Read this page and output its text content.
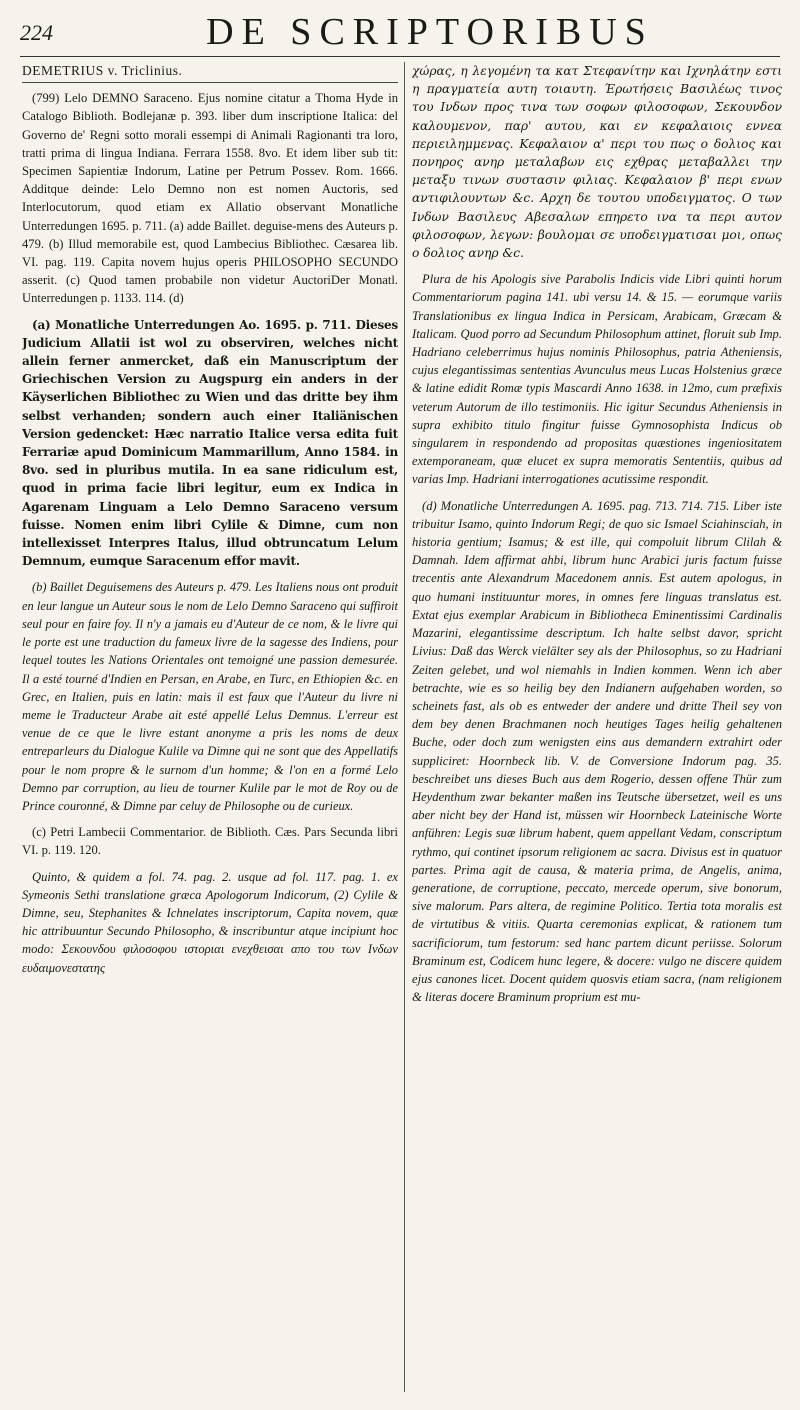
224	DE SCRIPTORIBUS
DEMETRIUS v. Triclinius.

(799) Lelo DEMNO Saraceno. Ejus nomine citatur a Thoma Hyde in Catalogo Biblioth. Bodlejanæ p. 393. liber dum inscriptione Italica: del Governo de' Regni sotto morali essempi di Animali Ragionanti tra loro, tratti prima di lingua Indiana. Ferrara 1558. 8vo. Et idem liber sub tit: Specimen Sapientiæ Indorum, Latine per Petrum Possev. Rom. 1666. Additque deinde: Lelo Demno non est nomen Auctoris, sed Interlocutorum, quod etiam ex Allatio observant Monatliche Unterredungen 1695. p. 711. (a) adde Baillet. deguise-mens des Auteurs p. 479. (b) Illud memorabile est, quod Lambecius Bibliothec. Cæsarea lib. VI. pag. 119. Capita novem hujus operis PHILOSOPHO SECUNDO asserit. (c) Quod tamen probabile non videtur AuctoriDer Monatl. Unterredungen p. 1133. 114. (d)

(a) Monatliche Unterredungen Ao. 1695. p. 711. Dieses Judicium Allatii ist wol zu observiren, welches nicht allein ferner anmercket, daß ein Manuscriptum der Griechischen Version zu Augspurg ein anders in der Käyserlichen Bibliothec zu Wien und das dritte bey ihm selbst verhanden; sondern auch einer Italiänischen Version gedencket: Hæc narratio Italice versa edita fuit Ferrariæ apud Dominicum Mammarillum, Anno 1584. in 8vo. sed in pluribus mutila. In ea sane ridiculum est, quod in prima facie libri legitur, eum ex Indica in Agarenam Linguam a Lelo Demno Saraceno versum fuisse. Nomen enim libri Cylile & Dimne, cum non intellexisset Interpres Italus, illud obtruncatum Lelum Demnum, eumque Saracenum effor mavit.

(b) Baillet Deguisemens des Auteurs p. 479. Les Italiens nous ont produit en leur langue un Auteur sous le nom de Lelo Demno Saraceno qui suffiroit seul pour en faire foy. Il n'y a jamais eu d'Auteur de ce nom, & le livre qui le porte est une traduction du fameux livre de la sagesse des Indiens, pour lequel toutes les Nations Orientales ont temoigné une passion demesurée. Il a esté tourné d'Indien en Persan, en Arabe, en Turc, en Ethiopien &c. en Grec, en Italien, puis en latin: mais il est faux que l'Auteur du livre ni meme le Traducteur Arabe ait esté appellé Lelus Demnus. L'erreur est venue de ce que le livre estant anonyme a pris les noms de deux entreparleurs du Dialogue Kulile va Dimne qui ne sont que des Appellatifs pour le nom propre & le surnom d'un homme; & l'on en a formé Lelo Demno par corruption, au lieu de tourner Kulile par le mot de Roy ou de Prince couronné, & Dimne par celuy de Philosophe ou de curieux.

(c) Petri Lambecii Commentarior. de Biblioth. Cæs. Pars Secunda libri VI. p. 119. 120.

Quinto, & quidem a fol. 74. pag. 2. usque ad fol. 117. pag. 1. ex Symeonis Sethi translatione græca Apologorum Indicorum, (2) Cylile & Dimne, seu, Stephanites & Ichnelates inscriptorum, Capita novem, quæ hic attribuuntur Secundo Philosopho, & inscribuntur atque incipiunt hoc modo: Σεκουνδου φιλοσοφου ιστοριαι ενεχθεισαι απο του των Ινδων ευδαιμονεστατης

χώρας, η λεγομένη τα κατ Στεφανίτην και Ιχνηλάτην εστι η πραγματεία αυτη τοιαυτη. Έρωτήσεις Βασιλέως τινος του Ινδων προς τινα των σοφων φιλοσοφων, Σεκουνδον καλουμενον, παρ' αυτου, και εν κεφαλαιοις εννεα περιειλημμενας. Κεφαλαιον α' περι του πως ο δολιος και πονηρος ανηρ μεταλαβων εις εχθρας μεταβαλλει την μεταξυ τινων συστασιν φιλιας. Κεφαλαιον β' περι ενων αντιφιλουντων &c. Αρχη δε τουτου υποδειγματος. Ο των Ινδων Βασιλευς Αβεσαλων επηρετο ινα τα περι αυτον φιλοσοφων, λεγων: βουλομαι σε υποδειγματισαι μοι, οπως ο δολιος ανηρ &c.

Plura de his Apologis sive Parabolis Indicis vide Libri quinti horum Commentariorum pagina 141. ubi versu 14. & 15. — eorumque variis Translationibus ex lingua Indica in Persicam, Arabicam, Græcam & Italicam. Quod porro ad Secundum Philosophum attinet, floruit sub Imp. Hadriano celeberrimus hujus nominis Philosophus, patria Atheniensis, cujus elegantissimas sententias Avunculus meus Lucas Holstenius græce & latine edidit Romæ typis Mascardi Anno 1638. in 12mo, cum præfixis veterum Autorum de illo testimoniis. Hic igitur Secundus Atheniensis in supra exhibito titulo fingitur fuisse Gymnosophista Indicus ob singularem in respondendo ad propositas quæstiones ingeniositatem extemporaneam, quæ elucet ex supra memoratis Sententiis, quibus ad varias Imp. Hadriani interrogationes acutissime respondit.

(d) Monatliche Unterredungen A. 1695. pag. 713. 714. 715. Liber iste tribuitur Isamo, quinto Indorum Regi; de quo sic Ismael Sciahinsciah, in historia gentium; Isamus; & est ille, qui compoluit librum Clilah & Damnah. Idem affirmat ahbi, librum hunc Arabici juris factum fuisse trecentis ante Alexandrum Macedonem annis. Est autem apologus, in quo humani instituuntur mores, in omnes fere linguas translatus est. Extat ejus exemplar Arabicum in Bibliotheca Eminentissimi Cardinalis Mazarini, elegantissime descriptum. Ich halte selbst davor, spricht Livius: Daß das Werck vielälter sey als der Philosophus, so zu Hadriani Zeiten gelebet, und wol niemahls in Indien kommen. Wenn ich aber betrachte, wie es so heilig bey den Indianern aufgehaben worden, so scheinets fast, als ob es entweder der andere und dritte Theil sey von dem bey denen Brachmanen noch heutiges Tages heilig gehaltenen Buche, oder doch zum wenigsten eins aus demandern extrahirt oder suppliciret: Hoornbeck lib. V. de Conversione Indorum pag. 35. beschreibet uns dieses Buch aus dem Rogerio, dessen offene Thür zum Heydenthum zwar bekanter maßen ins Teutsche übersetzet, weil es uns aber nicht bey der Hand ist, müssen wir Hoornbeck Lateinische Worte anführen: Legis suæ librum habent, quem appellant Vedam, conscriptum rythmo, qui continet ipsorum religionem ac sacra. Divisus est in quatuor partes. Prima agit de causa, & materia prima, de Angelis, anima, generatione, de corruptione, peccato, mercede operum, sive bonorum, sive malorum. Pars altera, de regimine Politico. Tertia tota moralis est de virtutibus & vitiis. Quarta ceremonias explicat, & rationem tum sacrificiorum, tum festorum: sed hanc partem dicunt periisse. Solorum Braminum est, Codicem hunc legere, & docere: vulgo ne discere quidem ejus canones licet. Docent quidem quosvis etiam sacra, (nam religionem & literas docere Braminum proprium est mu-
